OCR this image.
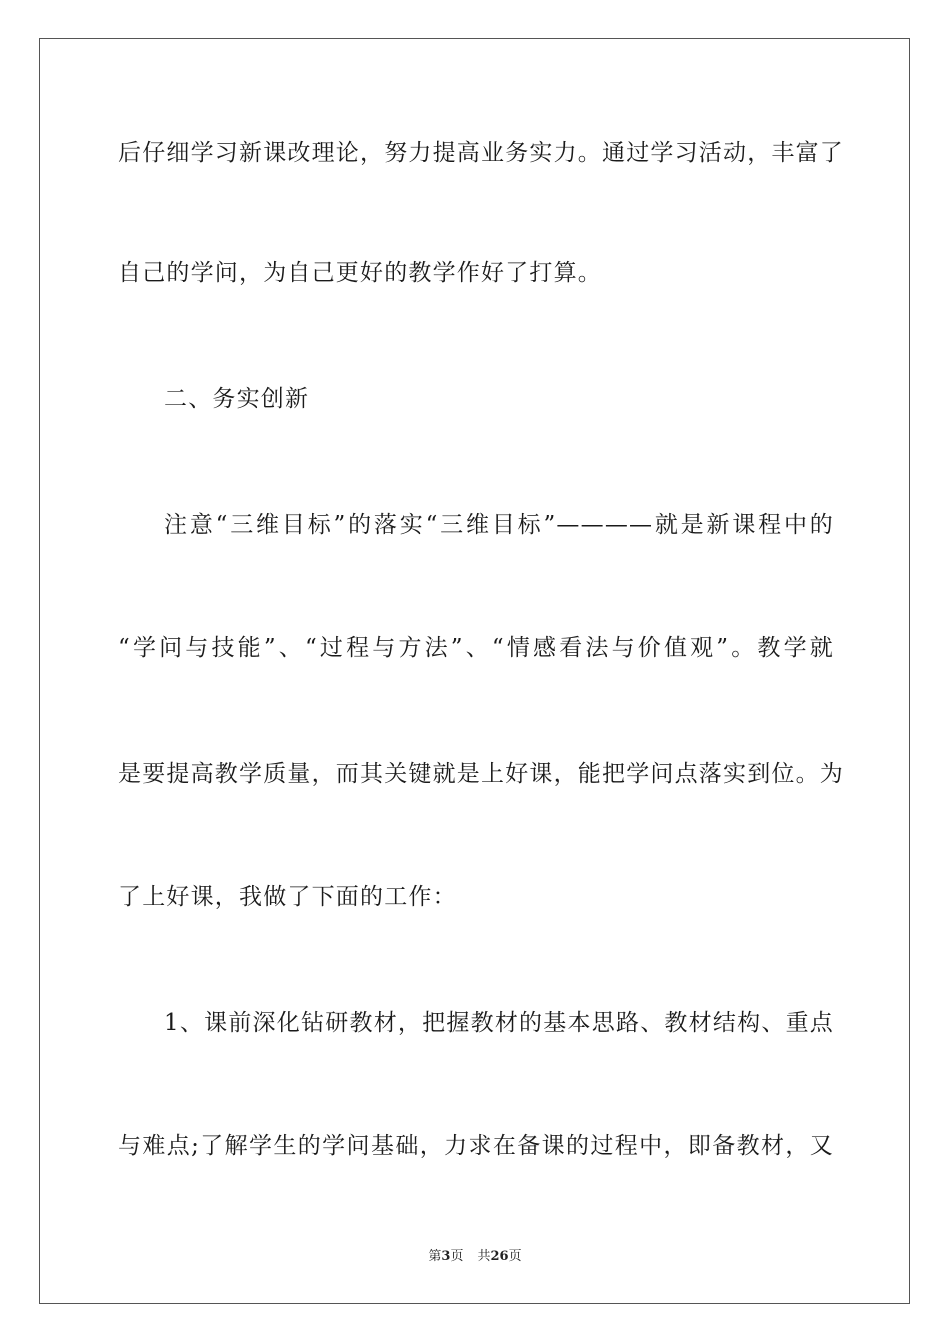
后仔细学习新课改理论，努力提高业务实力。通过学习活动，丰富了
自己的学问，为自己更好的教学作好了打算。
二、务实创新
注意“三维目标”的落实“三维目标”————就是新课程中的
“学问与技能”、“过程与方法”、“情感看法与价值观”。教学就
是要提高教学质量，而其关键就是上好课，能把学问点落实到位。为
了上好课，我做了下面的工作：
1、课前深化钻研教材，把握教材的基本思路、教材结构、重点
与难点;了解学生的学问基础，力求在备课的过程中，即备教材，又
第3页 共26页
